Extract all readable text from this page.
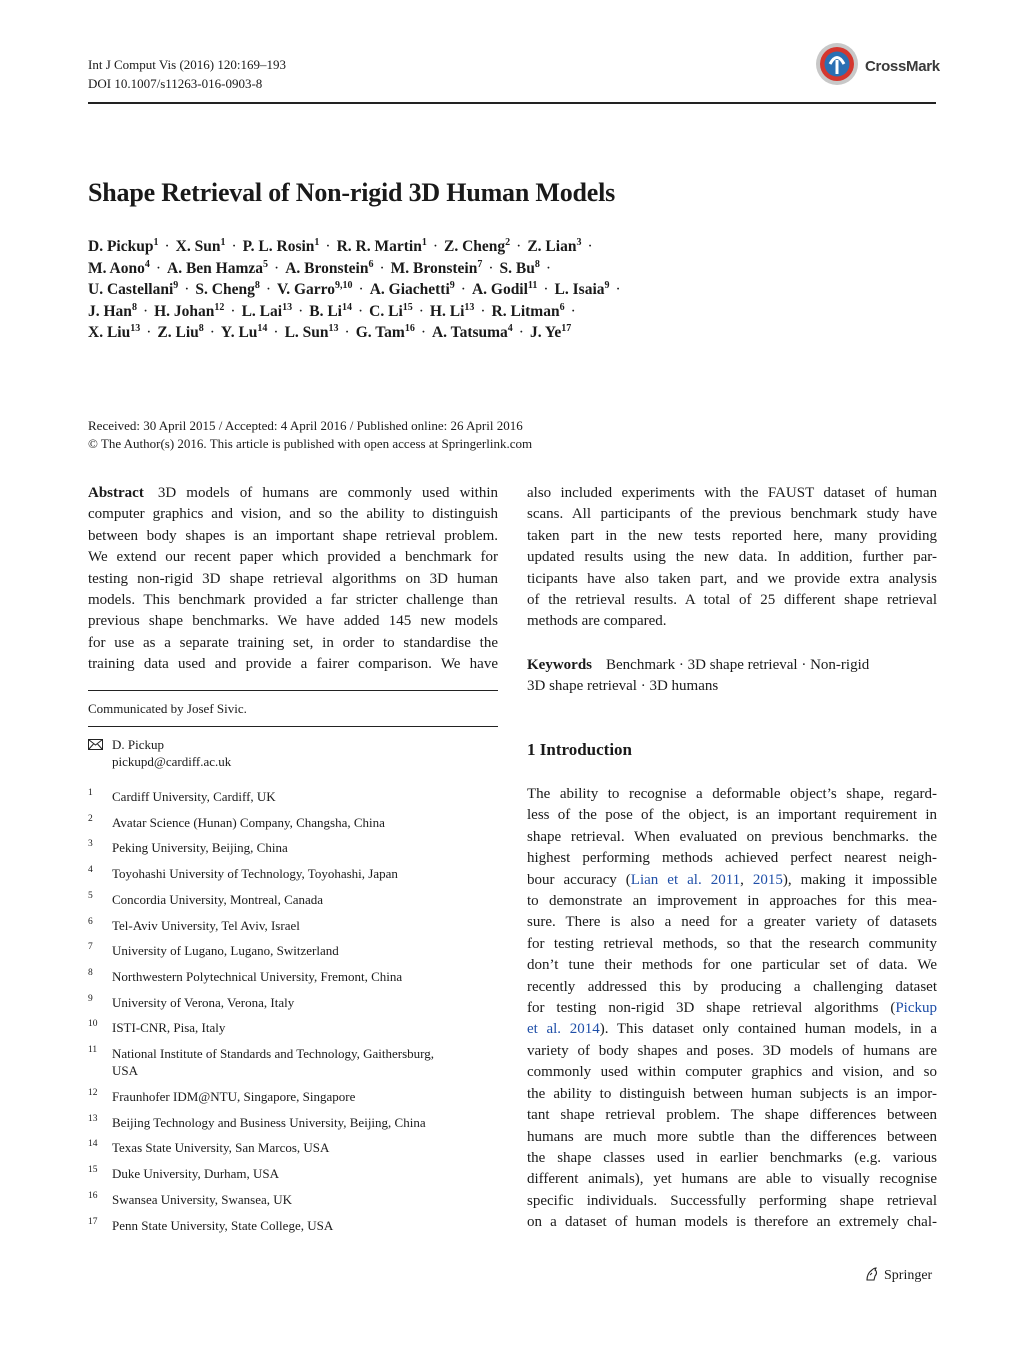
Int J Comput Vis (2016) 120:169–193
DOI 10.1007/s11263-016-0903-8
CrossMark
Shape Retrieval of Non-rigid 3D Human Models
D. Pickup$^1$ · X. Sun$^1$ · P. L. Rosin$^1$ · R. R. Martin$^1$ · Z. Cheng$^2$ · Z. Lian$^3$ ·
M. Aono$^4$ · A. Ben Hamza$^5$ · A. Bronstein$^6$ · M. Bronstein$^7$ · S. $Bu^8$ ·
U. Castellani$^9$ · S. Cheng$^8$ · V. Garro$^{9,10}$ · A. Giachetti$^9$ · A. Godil$^{11}$ · L. Isaia$^9$ ·
J. Han$^8$ · H. Johan$^{12}$ · L. Lai$^{13}$ · B. $Li^{14} \cdot C$. $Li^{15} \cdot H$. $Li^{13} \cdot R$. Litman$^6$ ·
X. Liu$^{13}$ · Z. Liu$^8$ · Y. $Lu^{14} \cdot L$. Sun$^{13}$ · G. Tam$^{16}$ · A. Tatsuma$^4$ · J. Ye$^{17}$
Received: 30 April 2015 / Accepted: 4 April 2016 / Published online: 26 April 2016
© The Author(s) 2016. This article is published with open access at Springerlink.com
Abstract 3D models of humans are commonly used within
computer graphics and vision, and so the ability to distinguish
between body shapes is an important shape retrieval problem.
We extend our recent paper which provided a benchmark for
testing non-rigid 3D shape retrieval algorithms on 3D human
models. This benchmark provided a far stricter challenge than
previous shape benchmarks. We have added 145 new models
for use as a separate training set, in order to standardise the
training data used and provide a fairer comparison. We have
Communicated by Josef Sivic.
D. Pickup
pickupd@cardiff.ac.uk
1 Cardiff University, Cardiff, UK
2 Avatar Science (Hunan) Company, Changsha, China
3 Peking University, Beijing, China
4 Toyohashi University of Technology, Toyohashi, Japan
5 Concordia University, Montreal, Canada
6 Tel-Aviv University, Tel Aviv, Israel
7 University of Lugano, Lugano, Switzerland
8 Northwestern Polytechnical University, Fremont, China
9 University of Verona, Verona, Italy
10 ISTI-CNR, Pisa, Italy
11 National Institute of Standards and Technology, Gaithersburg,
USA
12 Fraunhofer IDM@NTU, Singapore, Singapore
13 Beijing Technology and Business University, Beijing, China
14 Texas State University, San Marcos, USA
15 Duke University, Durham, USA
16 Swansea University, Swansea, UK
17 Penn State University, State College, USA
also included experiments with the FAUST dataset of human
scans. All participants of the previous benchmark study have
taken part in the new tests reported here, many providing
updated results using the new data. In addition, further par-
ticipants have also taken part, and we provide extra analysis
of the retrieval results. A total of 25 different shape retrieval
methods are compared.
Keywords Benchmark · 3D shape retrieval · Non-rigid
3D shape retrieval · 3D humans
1 Introduction
The ability to recognise a deformable object’s shape, regard-
less of the pose of the object, is an important requirement in
shape retrieval. When evaluated on previous benchmarks. the
highest performing methods achieved perfect nearest neigh-
bour accuracy (Lian et al. 2011, 2015), making it impossible
to demonstrate an improvement in approaches for this mea-
sure. There is also a need for a greater variety of datasets
for testing retrieval methods, so that the research community
don’t tune their methods for one particular set of data. We
recently addressed this by producing a challenging dataset
for testing non-rigid 3D shape retrieval algorithms (Pickup
et al. 2014). This dataset only contained human models, in a
variety of body shapes and poses. 3D models of humans are
commonly used within computer graphics and vision, and so
the ability to distinguish between human subjects is an impor-
tant shape retrieval problem. The shape differences between
humans are much more subtle than the differences between
the shape classes used in earlier benchmarks (e.g. various
different animals), yet humans are able to visually recognise
specific individuals. Successfully performing shape retrieval
on a dataset of human models is therefore an extremely chal-
Springer
